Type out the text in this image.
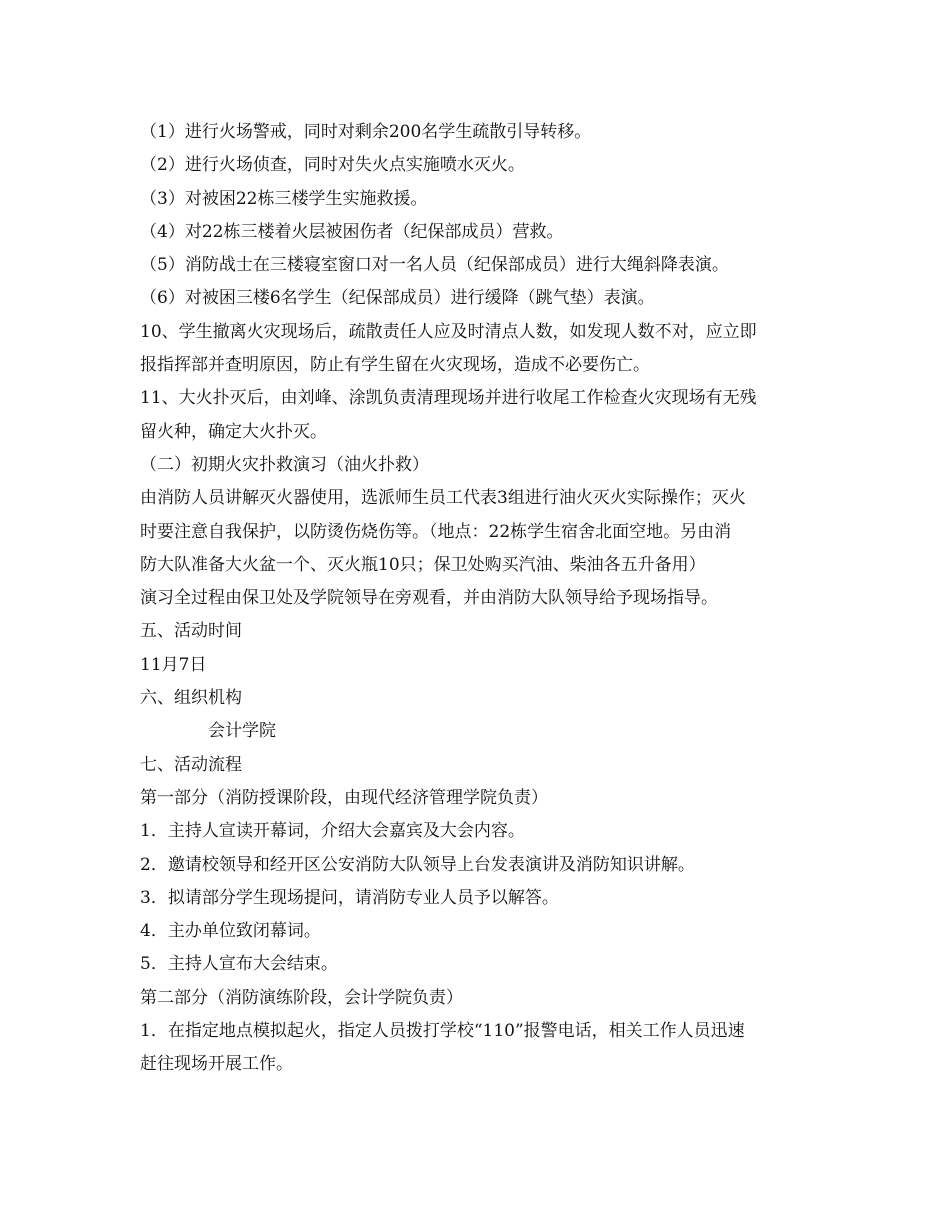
（1）进行火场警戒，同时对剩余200名学生疏散引导转移。
（2）进行火场侦查，同时对失火点实施喷水灭火。
（3）对被困22栋三楼学生实施救援。
（4）对22栋三楼着火层被困伤者（纪保部成员）营救。
（5）消防战士在三楼寝室窗口对一名人员（纪保部成员）进行大绳斜降表演。
（6）对被困三楼6名学生（纪保部成员）进行缓降（跳气垫）表演。
10、学生撤离火灾现场后，疏散责任人应及时清点人数，如发现人数不对，应立即
报指挥部并查明原因，防止有学生留在火灾现场，造成不必要伤亡。
11、大火扑灭后，由刘峰、涂凯负责清理现场并进行收尾工作检查火灾现场有无残
留火种，确定大火扑灭。
（二）初期火灾扑救演习（油火扑救）
由消防人员讲解灭火器使用，选派师生员工代表3组进行油火灭火实际操作；灭火
时要注意自我保护，以防烫伤烧伤等。（地点：22栋学生宿舍北面空地。另由消
防大队准备大火盆一个、灭火瓶10只；保卫处购买汽油、柴油各五升备用）
演习全过程由保卫处及学院领导在旁观看，并由消防大队领导给予现场指导。
五、活动时间
11月7日
六、组织机构
会计学院
七、活动流程
第一部分（消防授课阶段，由现代经济管理学院负责）
1．主持人宣读开幕词，介绍大会嘉宾及大会内容。
2．邀请校领导和经开区公安消防大队领导上台发表演讲及消防知识讲解。
3．拟请部分学生现场提问，请消防专业人员予以解答。
4．主办单位致闭幕词。
5．主持人宣布大会结束。
第二部分（消防演练阶段，会计学院负责）
1．在指定地点模拟起火，指定人员拨打学校“110”报警电话，相关工作人员迅速
赶往现场开展工作。
